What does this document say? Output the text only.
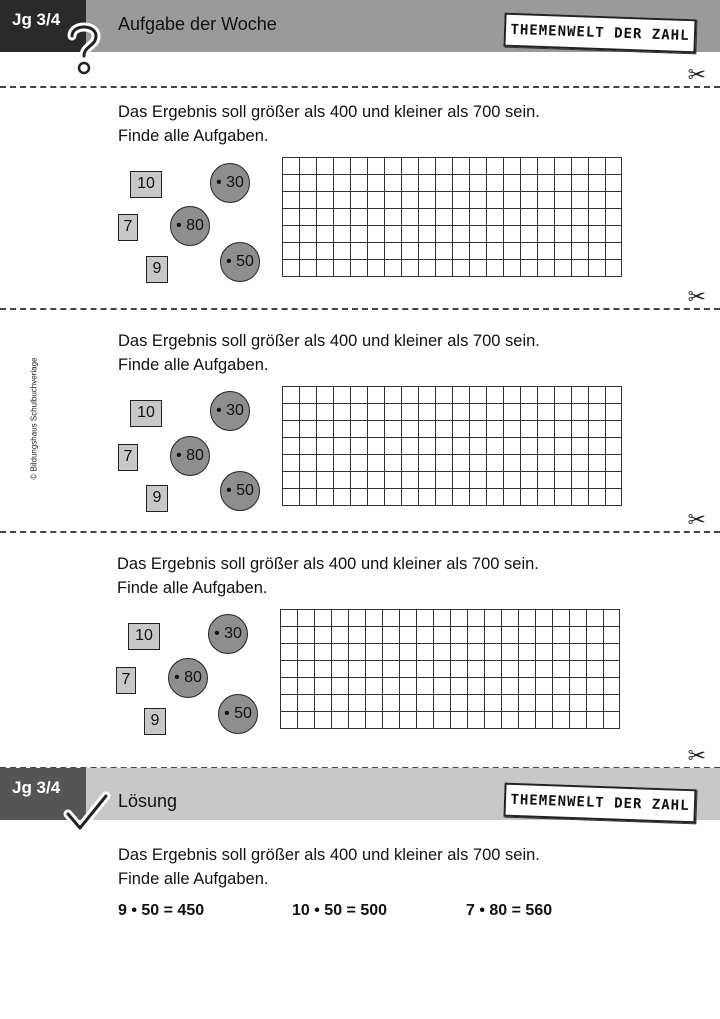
Jg 3/4	Aufgabe der Woche	THEMENWELT DER ZAHL
✂
Das Ergebnis soll größer als 400 und kleiner als 700 sein.
Finde alle Aufgaben.
10
7
9
• 30
• 80
• 50
✂
Das Ergebnis soll größer als 400 und kleiner als 700 sein.
Finde alle Aufgaben.
10
7
9
• 30
• 80
• 50
© Bildungshaus Schulbuchverlage
✂
Das Ergebnis soll größer als 400 und kleiner als 700 sein.
Finde alle Aufgaben.
10
7
9
• 30
• 80
• 50
✂
Jg 3/4
Lösung	THEMENWELT DER ZAHL
Das Ergebnis soll größer als 400 und kleiner als 700 sein.
Finde alle Aufgaben.
9 • 50 = 450	10 • 50 = 500	7 • 80 = 560
